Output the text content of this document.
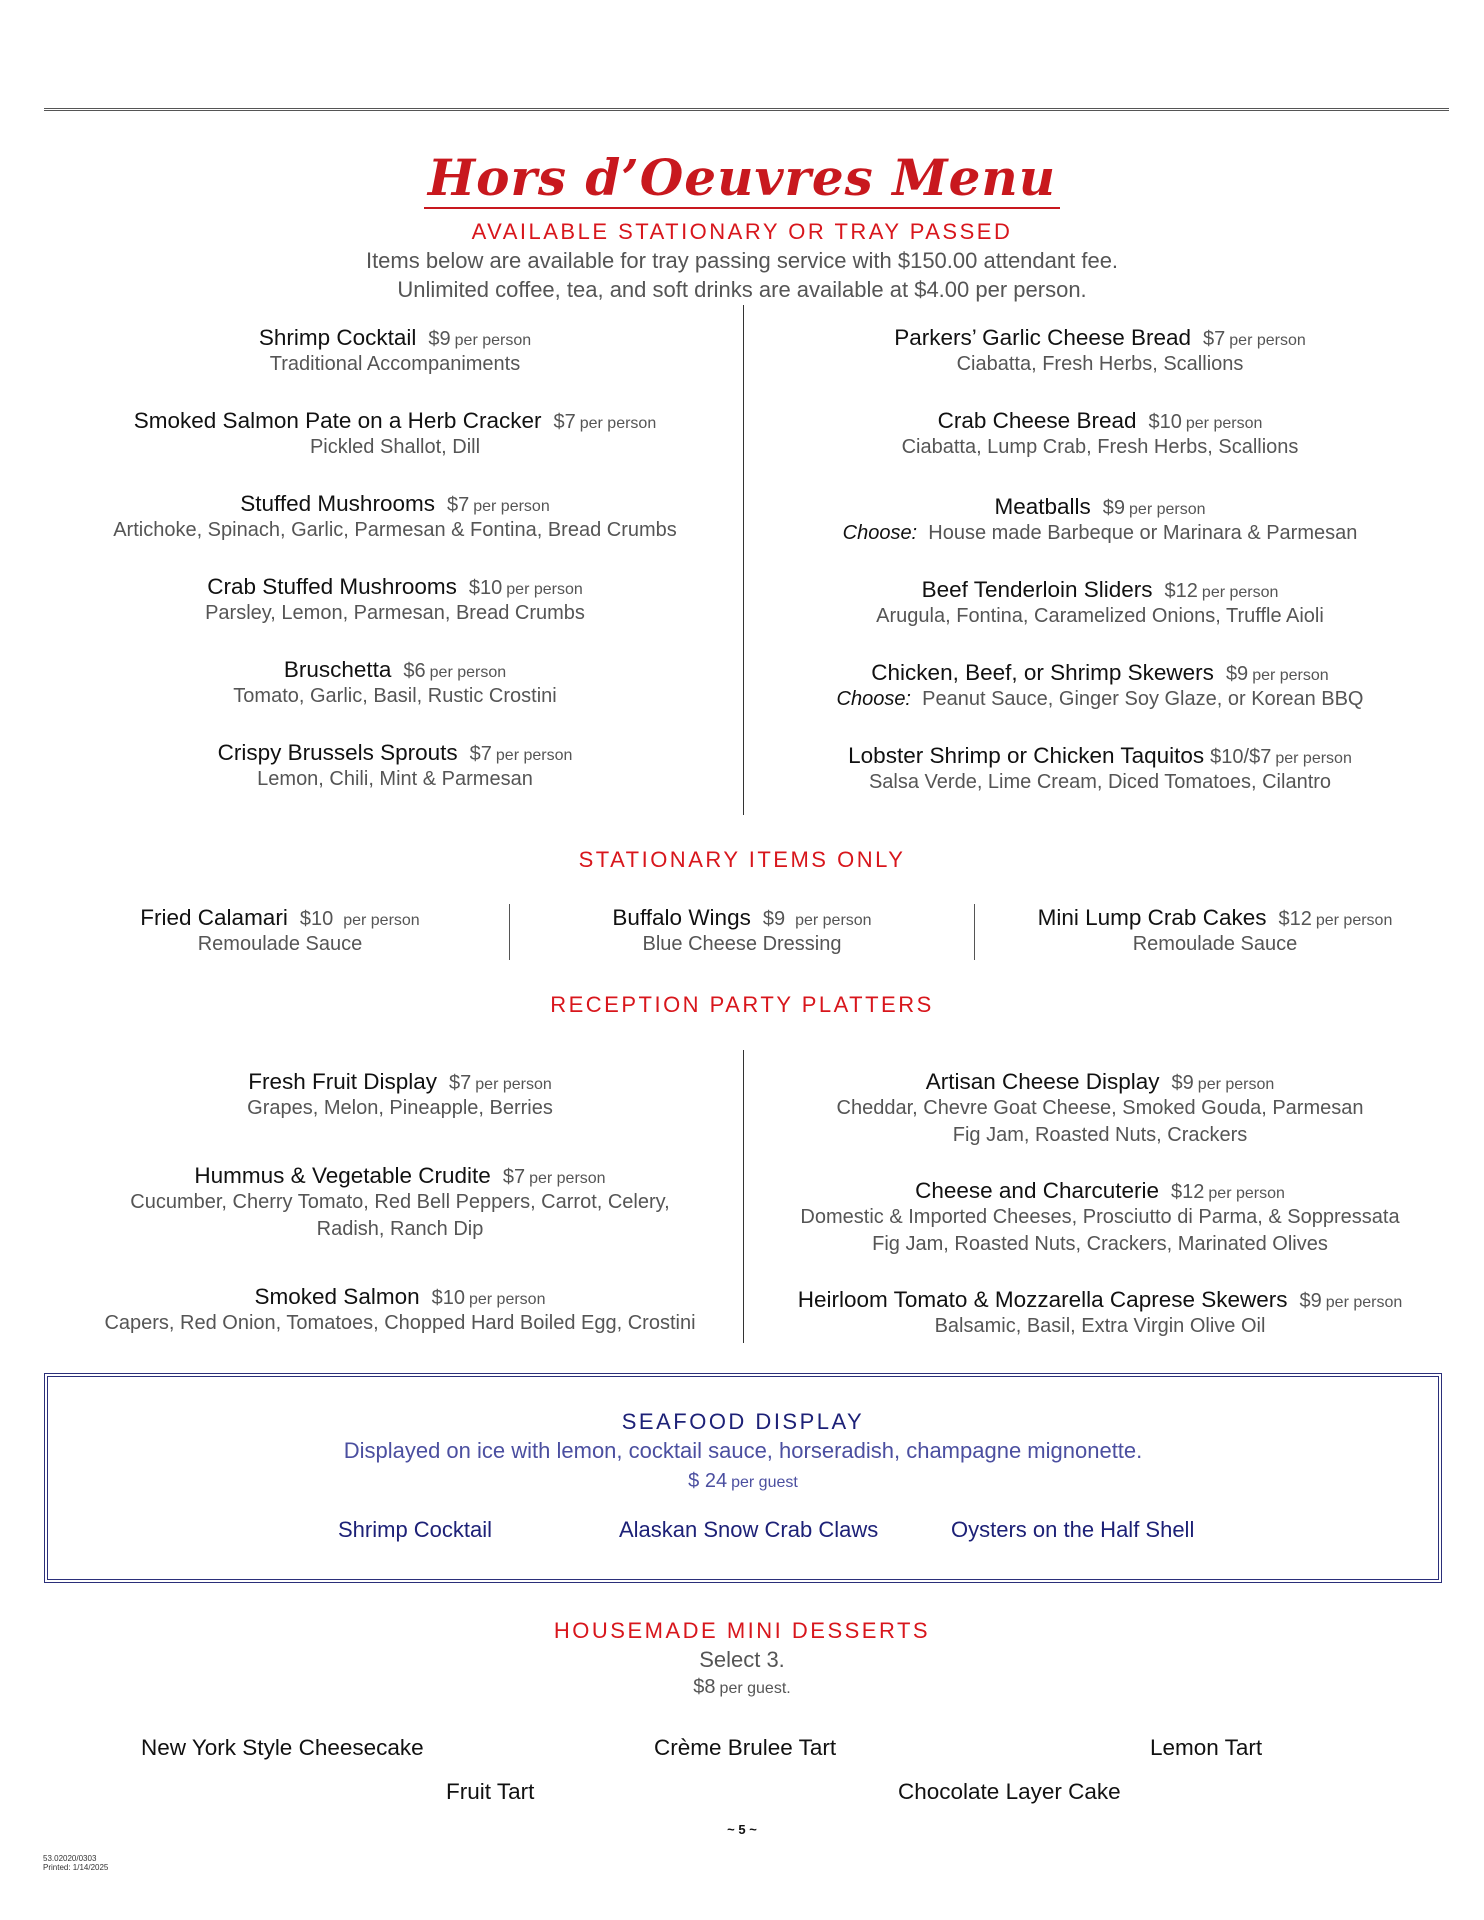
Hors d’Oeuvres Menu
AVAILABLE STATIONARY OR TRAY PASSED
Items below are available for tray passing service with $150.00 attendant fee.
Unlimited coffee, tea, and soft drinks are available at $4.00 per person.
Shrimp Cocktail $9 per person
Traditional Accompaniments
Smoked Salmon Pate on a Herb Cracker $7 per person
Pickled Shallot, Dill
Stuffed Mushrooms $7 per person
Artichoke, Spinach, Garlic, Parmesan & Fontina, Bread Crumbs
Crab Stuffed Mushrooms $10 per person
Parsley, Lemon, Parmesan, Bread Crumbs
Bruschetta $6 per person
Tomato, Garlic, Basil, Rustic Crostini
Crispy Brussels Sprouts $7 per person
Lemon, Chili, Mint & Parmesan
Parkers’ Garlic Cheese Bread $7 per person
Ciabatta, Fresh Herbs, Scallions
Crab Cheese Bread $10 per person
Ciabatta, Lump Crab, Fresh Herbs, Scallions
Meatballs $9 per person
Choose: House made Barbeque or Marinara & Parmesan
Beef Tenderloin Sliders $12 per person
Arugula, Fontina, Caramelized Onions, Truffle Aioli
Chicken, Beef, or Shrimp Skewers $9 per person
Choose: Peanut Sauce, Ginger Soy Glaze, or Korean BBQ
Lobster Shrimp or Chicken Taquitos $10/$7 per person
Salsa Verde, Lime Cream, Diced Tomatoes, Cilantro
STATIONARY ITEMS ONLY
Fried Calamari $10 per person
Remoulade Sauce
Buffalo Wings $9 per person
Blue Cheese Dressing
Mini Lump Crab Cakes $12 per person
Remoulade Sauce
RECEPTION PARTY PLATTERS
Fresh Fruit Display $7 per person
Grapes, Melon, Pineapple, Berries
Hummus & Vegetable Crudite $7 per person
Cucumber, Cherry Tomato, Red Bell Peppers, Carrot, Celery,
Radish, Ranch Dip
Smoked Salmon $10 per person
Capers, Red Onion, Tomatoes, Chopped Hard Boiled Egg, Crostini
Artisan Cheese Display $9 per person
Cheddar, Chevre Goat Cheese, Smoked Gouda, Parmesan
Fig Jam, Roasted Nuts, Crackers
Cheese and Charcuterie $12 per person
Domestic & Imported Cheeses, Prosciutto di Parma, & Soppressata
Fig Jam, Roasted Nuts, Crackers, Marinated Olives
Heirloom Tomato & Mozzarella Caprese Skewers $9 per person
Balsamic, Basil, Extra Virgin Olive Oil
SEAFOOD DISPLAY
Displayed on ice with lemon, cocktail sauce, horseradish, champagne mignonette.
$ 24 per guest
Shrimp Cocktail	Alaskan Snow Crab Claws	Oysters on the Half Shell
HOUSEMADE MINI DESSERTS
Select 3.
$8 per guest.
New York Style Cheesecake	Crème Brulee Tart	Lemon Tart
Fruit Tart	Chocolate Layer Cake
~ 5 ~
53.02020/0303
Printed: 1/14/2025
